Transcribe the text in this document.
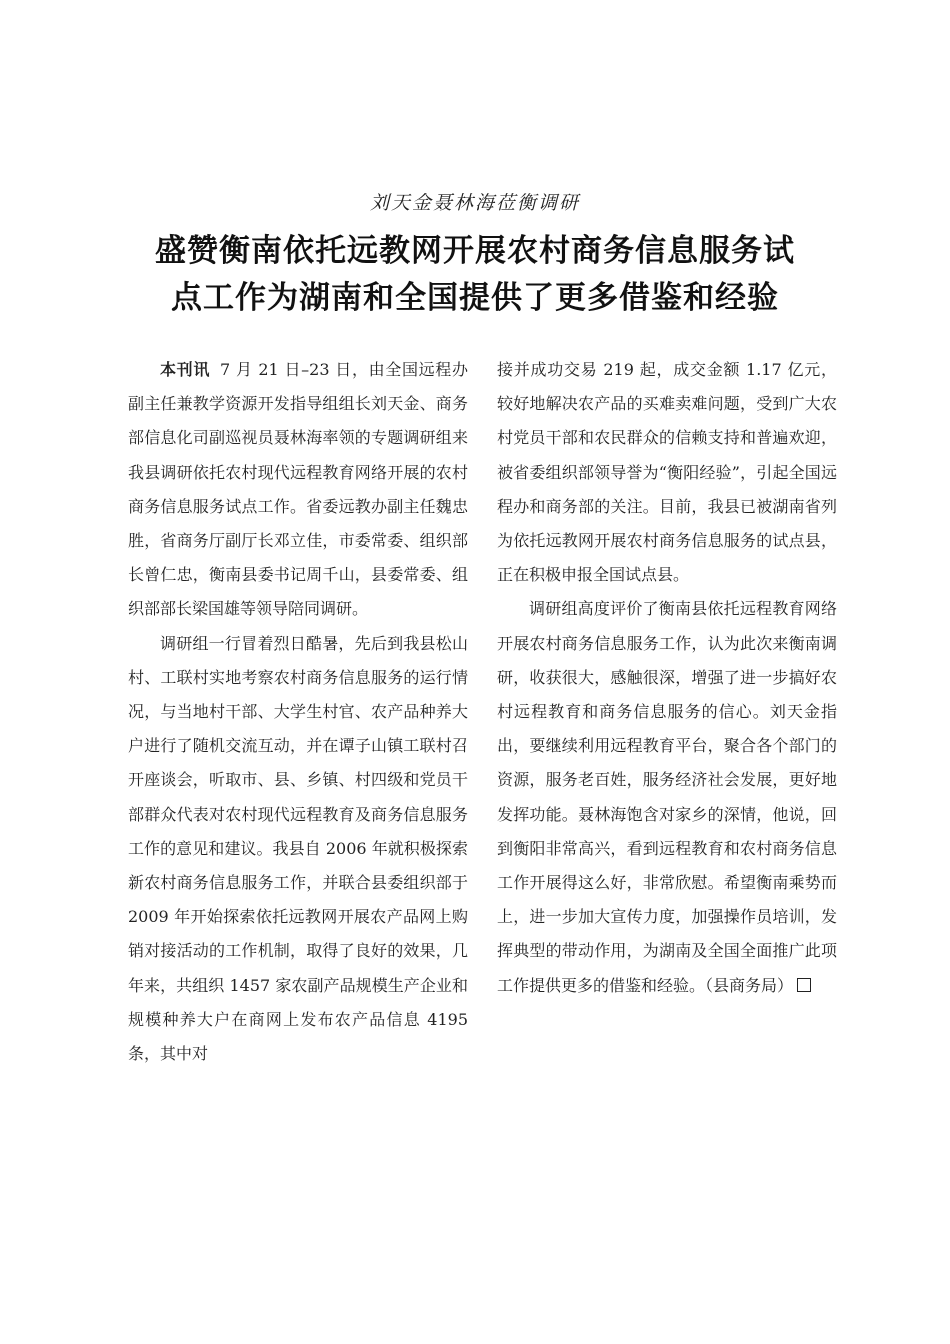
刘天金聂林海莅衡调研
盛赞衡南依托远教网开展农村商务信息服务试
点工作为湖南和全国提供了更多借鉴和经验

本刊讯 7 月 21 日–23 日，由全国远程办副主任兼教学资源开发指导组组长刘天金、商务部信息化司副巡视员聂林海率领的专题调研组来我县调研依托农村现代远程教育网络开展的农村商务信息服务试点工作。省委远教办副主任魏忠胜，省商务厅副厅长邓立佳，市委常委、组织部长曾仁忠，衡南县委书记周千山，县委常委、组织部部长梁国雄等领导陪同调研。

调研组一行冒着烈日酷暑，先后到我县松山村、工联村实地考察农村商务信息服务的运行情况，与当地村干部、大学生村官、农产品种养大户进行了随机交流互动，并在谭子山镇工联村召开座谈会，听取市、县、乡镇、村四级和党员干部群众代表对农村现代远程教育及商务信息服务工作的意见和建议。我县自 2006 年就积极探索新农村商务信息服务工作，并联合县委组织部于 2009 年开始探索依托远教网开展农产品网上购销对接活动的工作机制，取得了良好的效果，几年来，共组织 1457 家农副产品规模生产企业和规模种养大户在商网上发布农产品信息 4195 条，其中对

接并成功交易 219 起，成交金额 1.17 亿元，较好地解决农产品的买难卖难问题，受到广大农村党员干部和农民群众的信赖支持和普遍欢迎，被省委组织部领导誉为“衡阳经验”，引起全国远程办和商务部的关注。目前，我县已被湖南省列为依托远教网开展农村商务信息服务的试点县，正在积极申报全国试点县。

调研组高度评价了衡南县依托远程教育网络开展农村商务信息服务工作，认为此次来衡南调研，收获很大，感触很深，增强了进一步搞好农村远程教育和商务信息服务的信心。刘天金指出，要继续利用远程教育平台，聚合各个部门的资源，服务老百姓，服务经济社会发展，更好地发挥功能。聂林海饱含对家乡的深情，他说，回到衡阳非常高兴，看到远程教育和农村商务信息工作开展得这么好，非常欣慰。希望衡南乘势而上，进一步加大宣传力度，加强操作员培训，发挥典型的带动作用，为湖南及全国全面推广此项工作提供更多的借鉴和经验。（县商务局）
